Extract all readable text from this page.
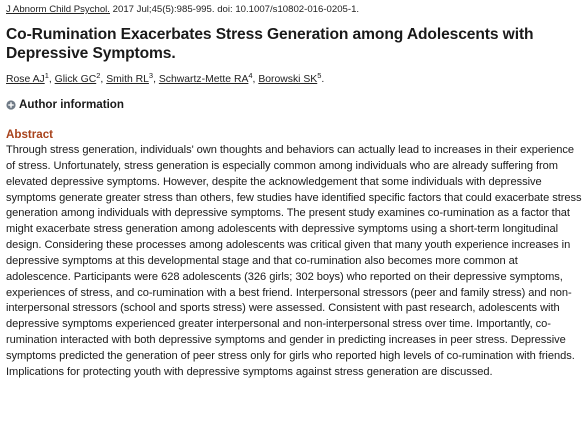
J Abnorm Child Psychol. 2017 Jul;45(5):985-995. doi: 10.1007/s10802-016-0205-1.
Co-Rumination Exacerbates Stress Generation among Adolescents with Depressive Symptoms.
Rose $AJ^1$, Glick $GC^2$, Smith $RL^3$, Schwartz-Mette $RA^4$, Borowski $SK^5$.
Author information
Abstract
Through stress generation, individuals' own thoughts and behaviors can actually lead to increases in their experience of stress. Unfortunately, stress generation is especially common among individuals who are already suffering from elevated depressive symptoms. However, despite the acknowledgement that some individuals with depressive symptoms generate greater stress than others, few studies have identified specific factors that could exacerbate stress generation among individuals with depressive symptoms. The present study examines co-rumination as a factor that might exacerbate stress generation among adolescents with depressive symptoms using a short-term longitudinal design. Considering these processes among adolescents was critical given that many youth experience increases in depressive symptoms at this developmental stage and that co-rumination also becomes more common at adolescence. Participants were 628 adolescents (326 girls; 302 boys) who reported on their depressive symptoms, experiences of stress, and co-rumination with a best friend. Interpersonal stressors (peer and family stress) and non-interpersonal stressors (school and sports stress) were assessed. Consistent with past research, adolescents with depressive symptoms experienced greater interpersonal and non-interpersonal stress over time. Importantly, co-rumination interacted with both depressive symptoms and gender in predicting increases in peer stress. Depressive symptoms predicted the generation of peer stress only for girls who reported high levels of co-rumination with friends. Implications for protecting youth with depressive symptoms against stress generation are discussed.
